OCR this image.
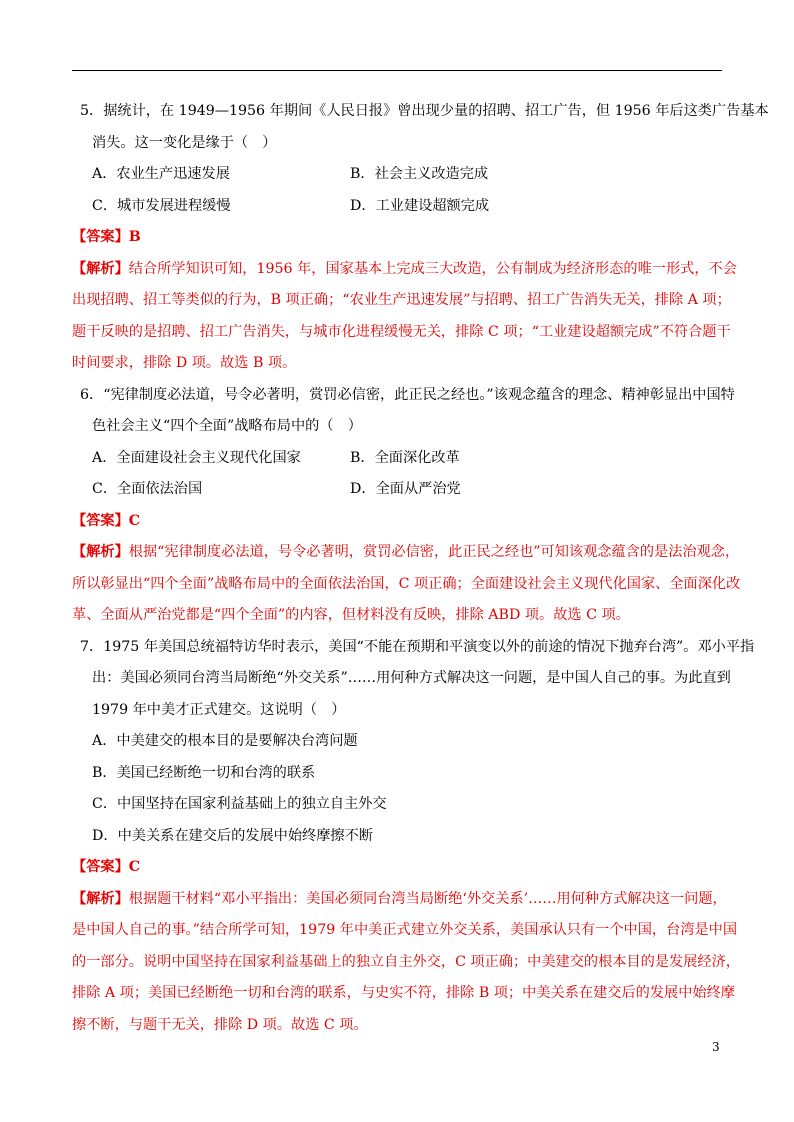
5．据统计，在 1949—1956 年期间《人民日报》曾出现少量的招聘、招工广告，但 1956 年后这类广告基本
消失。这一变化是缘于（　）
A．农业生产迅速发展	B．社会主义改造完成
C．城市发展进程缓慢	D．工业建设超额完成
【答案】B
【解析】结合所学知识可知，1956 年，国家基本上完成三大改造，公有制成为经济形态的唯一形式，不会
出现招聘、招工等类似的行为，B 项正确；“农业生产迅速发展”与招聘、招工广告消失无关，排除 A 项；
题干反映的是招聘、招工广告消失，与城市化进程缓慢无关，排除 C 项；“工业建设超额完成”不符合题干
时间要求，排除 D 项。故选 B 项。
6．“宪律制度必法道，号令必著明，赏罚必信密，此正民之经也。”该观念蕴含的理念、精神彰显出中国特
色社会主义“四个全面”战略布局中的（　）
A．全面建设社会主义现代化国家	B．全面深化改革
C．全面依法治国	D．全面从严治党
【答案】C
【解析】根据“宪律制度必法道，号令必著明，赏罚必信密，此正民之经也”可知该观念蕴含的是法治观念，
所以彰显出“四个全面”战略布局中的全面依法治国，C 项正确；全面建设社会主义现代化国家、全面深化改
革、全面从严治党都是“四个全面”的内容，但材料没有反映，排除 ABD 项。故选 C 项。
7．1975 年美国总统福特访华时表示，美国“不能在预期和平演变以外的前途的情况下抛弃台湾”。邓小平指
出：美国必须同台湾当局断绝“外交关系”……用何种方式解决这一问题，是中国人自己的事。为此直到
1979 年中美才正式建交。这说明（　）
A．中美建交的根本目的是要解决台湾问题
B．美国已经断绝一切和台湾的联系
C．中国坚持在国家利益基础上的独立自主外交
D．中美关系在建交后的发展中始终摩擦不断
【答案】C
【解析】根据题干材料“邓小平指出：美国必须同台湾当局断绝‘外交关系’……用何种方式解决这一问题，
是中国人自己的事。”结合所学可知，1979 年中美正式建立外交关系，美国承认只有一个中国，台湾是中国
的一部分。说明中国坚持在国家利益基础上的独立自主外交，C 项正确；中美建交的根本目的是发展经济，
排除 A 项；美国已经断绝一切和台湾的联系，与史实不符，排除 B 项；中美关系在建交后的发展中始终摩
擦不断，与题干无关，排除 D 项。故选 C 项。
3
